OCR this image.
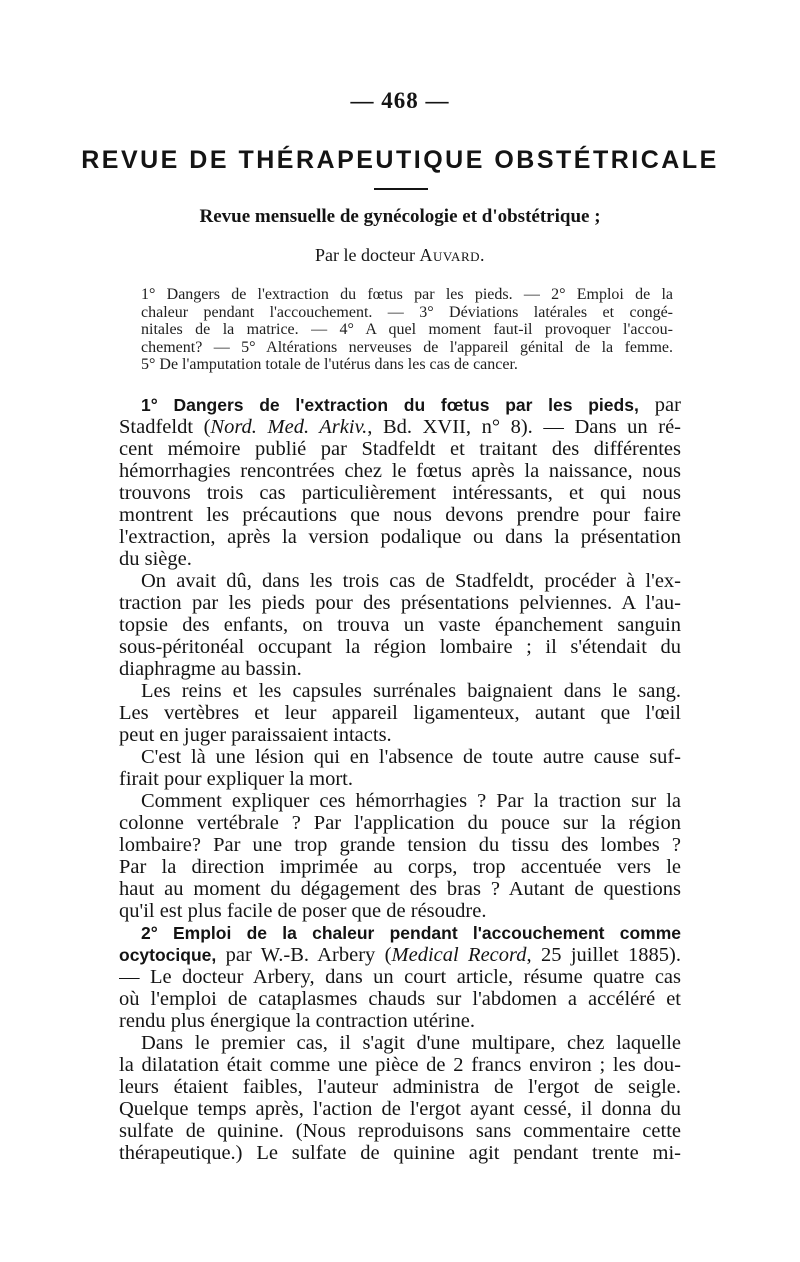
— 468 —
REVUE DE THÉRAPEUTIQUE OBSTÉTRICALE
Revue mensuelle de gynécologie et d'obstétrique ;
Par le docteur Auvard.
1° Dangers de l'extraction du fœtus par les pieds. — 2° Emploi de la
chaleur pendant l'accouchement. — 3° Déviations latérales et congé-
nitales de la matrice. — 4° A quel moment faut-il provoquer l'accou-
chement? — 5° Altérations nerveuses de l'appareil génital de la femme.
5° De l'amputation totale de l'utérus dans les cas de cancer.
1° Dangers de l'extraction du fœtus par les pieds, par
Stadfeldt (Nord. Med. Arkiv., Bd. XVII, n° 8). — Dans un ré-
cent mémoire publié par Stadfeldt et traitant des différentes
hémorrhagies rencontrées chez le fœtus après la naissance, nous
trouvons trois cas particulièrement intéressants, et qui nous
montrent les précautions que nous devons prendre pour faire
l'extraction, après la version podalique ou dans la présentation
du siège.
On avait dû, dans les trois cas de Stadfeldt, procéder à l'ex-
traction par les pieds pour des présentations pelviennes. A l'au-
topsie des enfants, on trouva un vaste épanchement sanguin
sous-péritonéal occupant la région lombaire ; il s'étendait du
diaphragme au bassin.
Les reins et les capsules surrénales baignaient dans le sang.
Les vertèbres et leur appareil ligamenteux, autant que l'œil
peut en juger paraissaient intacts.
C'est là une lésion qui en l'absence de toute autre cause suf-
firait pour expliquer la mort.
Comment expliquer ces hémorrhagies ? Par la traction sur la
colonne vertébrale ? Par l'application du pouce sur la région
lombaire? Par une trop grande tension du tissu des lombes ?
Par la direction imprimée au corps, trop accentuée vers le
haut au moment du dégagement des bras ? Autant de questions
qu'il est plus facile de poser que de résoudre.
2° Emploi de la chaleur pendant l'accouchement comme
ocytocique, par W.-B. Arbery (Medical Record, 25 juillet 1885).
— Le docteur Arbery, dans un court article, résume quatre cas
où l'emploi de cataplasmes chauds sur l'abdomen a accéléré et
rendu plus énergique la contraction utérine.
Dans le premier cas, il s'agit d'une multipare, chez laquelle
la dilatation était comme une pièce de 2 francs environ ; les dou-
leurs étaient faibles, l'auteur administra de l'ergot de seigle.
Quelque temps après, l'action de l'ergot ayant cessé, il donna du
sulfate de quinine. (Nous reproduisons sans commentaire cette
thérapeutique.) Le sulfate de quinine agit pendant trente mi-
